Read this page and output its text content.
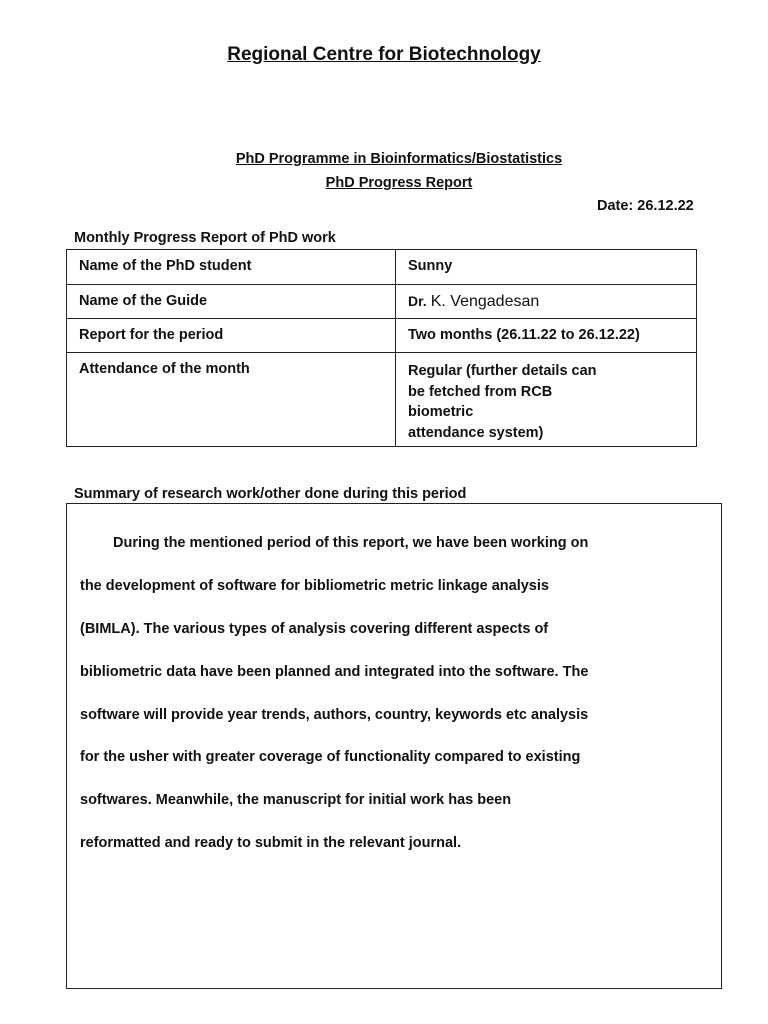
Regional Centre for Biotechnology
PhD Programme in Bioinformatics/Biostatistics
PhD Progress Report
Date: 26.12.22
Monthly Progress Report of PhD work
Name of the PhD student	Sunny
Name of the Guide	Dr. K. Vengadesan
Report for the period	Two months (26.11.22 to 26.12.22)
Attendance of the month	Regular (further details can
be fetched from RCB
biometric
attendance system)
Summary of research work/other done during this period
During the mentioned period of this report, we have been working on
the development of software for bibliometric metric linkage analysis
(BIMLA). The various types of analysis covering different aspects of
bibliometric data have been planned and integrated into the software. The
software will provide year trends, authors, country, keywords etc analysis
for the usher with greater coverage of functionality compared to existing
softwares. Meanwhile, the manuscript for initial work has been
reformatted and ready to submit in the relevant journal.
